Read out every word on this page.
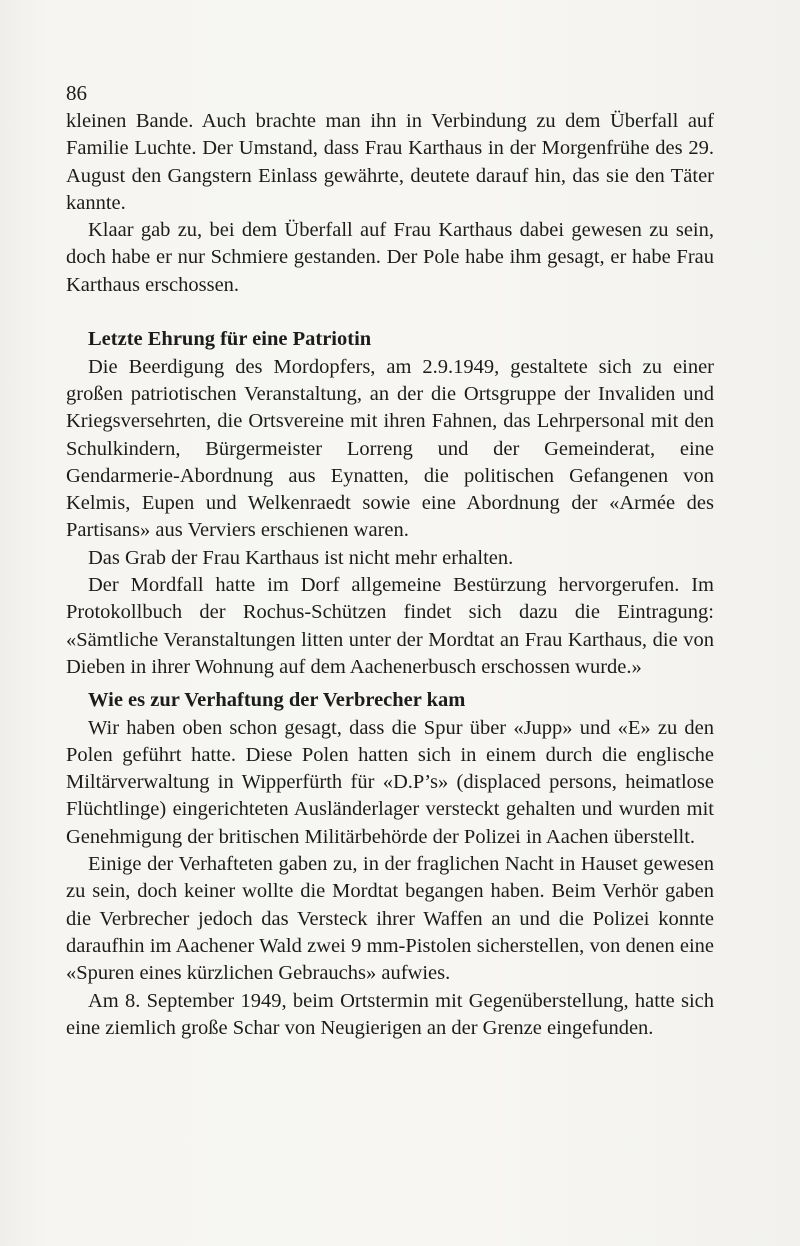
86

kleinen Bande. Auch brachte man ihn in Verbindung zu dem Überfall auf Familie Luchte. Der Umstand, dass Frau Karthaus in der Morgenfrühe des 29. August den Gangstern Einlass gewährte, deutete darauf hin, das sie den Täter kannte.

Klaar gab zu, bei dem Überfall auf Frau Karthaus dabei gewesen zu sein, doch habe er nur Schmiere gestanden. Der Pole habe ihm gesagt, er habe Frau Karthaus erschossen.

Letzte Ehrung für eine Patriotin

Die Beerdigung des Mordopfers, am 2.9.1949, gestaltete sich zu einer großen patriotischen Veranstaltung, an der die Ortsgruppe der Invaliden und Kriegsversehrten, die Ortsvereine mit ihren Fahnen, das Lehrpersonal mit den Schulkindern, Bürgermeister Lorreng und der Gemeinderat, eine Gendarmerie-Abordnung aus Eynatten, die politischen Gefangenen von Kelmis, Eupen und Welkenraedt sowie eine Abordnung der «Armée des Partisans» aus Verviers erschienen waren.

Das Grab der Frau Karthaus ist nicht mehr erhalten.

Der Mordfall hatte im Dorf allgemeine Bestürzung hervorgerufen. Im Protokollbuch der Rochus-Schützen findet sich dazu die Eintragung: «Sämtliche Veranstaltungen litten unter der Mordtat an Frau Karthaus, die von Dieben in ihrer Wohnung auf dem Aachenerbusch erschossen wurde.»

Wie es zur Verhaftung der Verbrecher kam

Wir haben oben schon gesagt, dass die Spur über «Jupp» und «E» zu den Polen geführt hatte. Diese Polen hatten sich in einem durch die englische Miltärverwaltung in Wipperfürth für «D.P’s» (displaced persons, heimatlose Flüchtlinge) eingerichteten Ausländerlager versteckt gehalten und wurden mit Genehmigung der britischen Militärbehörde der Polizei in Aachen überstellt.

Einige der Verhafteten gaben zu, in der fraglichen Nacht in Hauset gewesen zu sein, doch keiner wollte die Mordtat begangen haben. Beim Verhör gaben die Verbrecher jedoch das Versteck ihrer Waffen an und die Polizei konnte daraufhin im Aachener Wald zwei 9 mm-Pistolen sicherstellen, von denen eine «Spuren eines kürzlichen Gebrauchs» aufwies.

Am 8. September 1949, beim Ortstermin mit Gegenüberstellung, hatte sich eine ziemlich große Schar von Neugierigen an der Grenze eingefunden.
